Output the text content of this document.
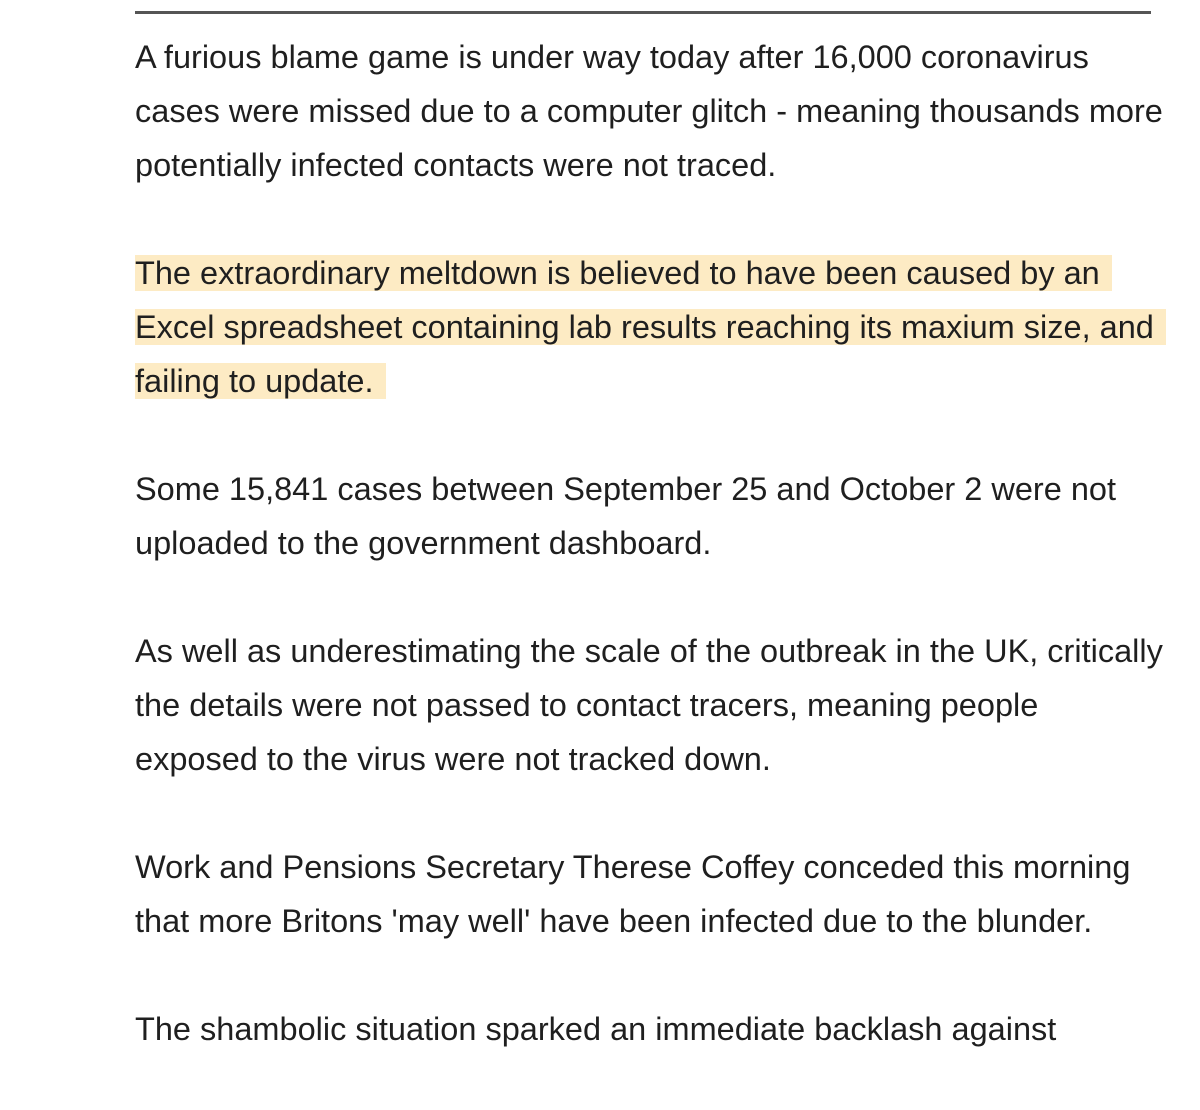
A furious blame game is under way today after 16,000 coronavirus cases were missed due to a computer glitch - meaning thousands more potentially infected contacts were not traced.

The extraordinary meltdown is believed to have been caused by an Excel spreadsheet containing lab results reaching its maxium size, and failing to update.

Some 15,841 cases between September 25 and October 2 were not uploaded to the government dashboard.

As well as underestimating the scale of the outbreak in the UK, critically the details were not passed to contact tracers, meaning people exposed to the virus were not tracked down.

Work and Pensions Secretary Therese Coffey conceded this morning that more Britons 'may well' have been infected due to the blunder.

The shambolic situation sparked an immediate backlash against
